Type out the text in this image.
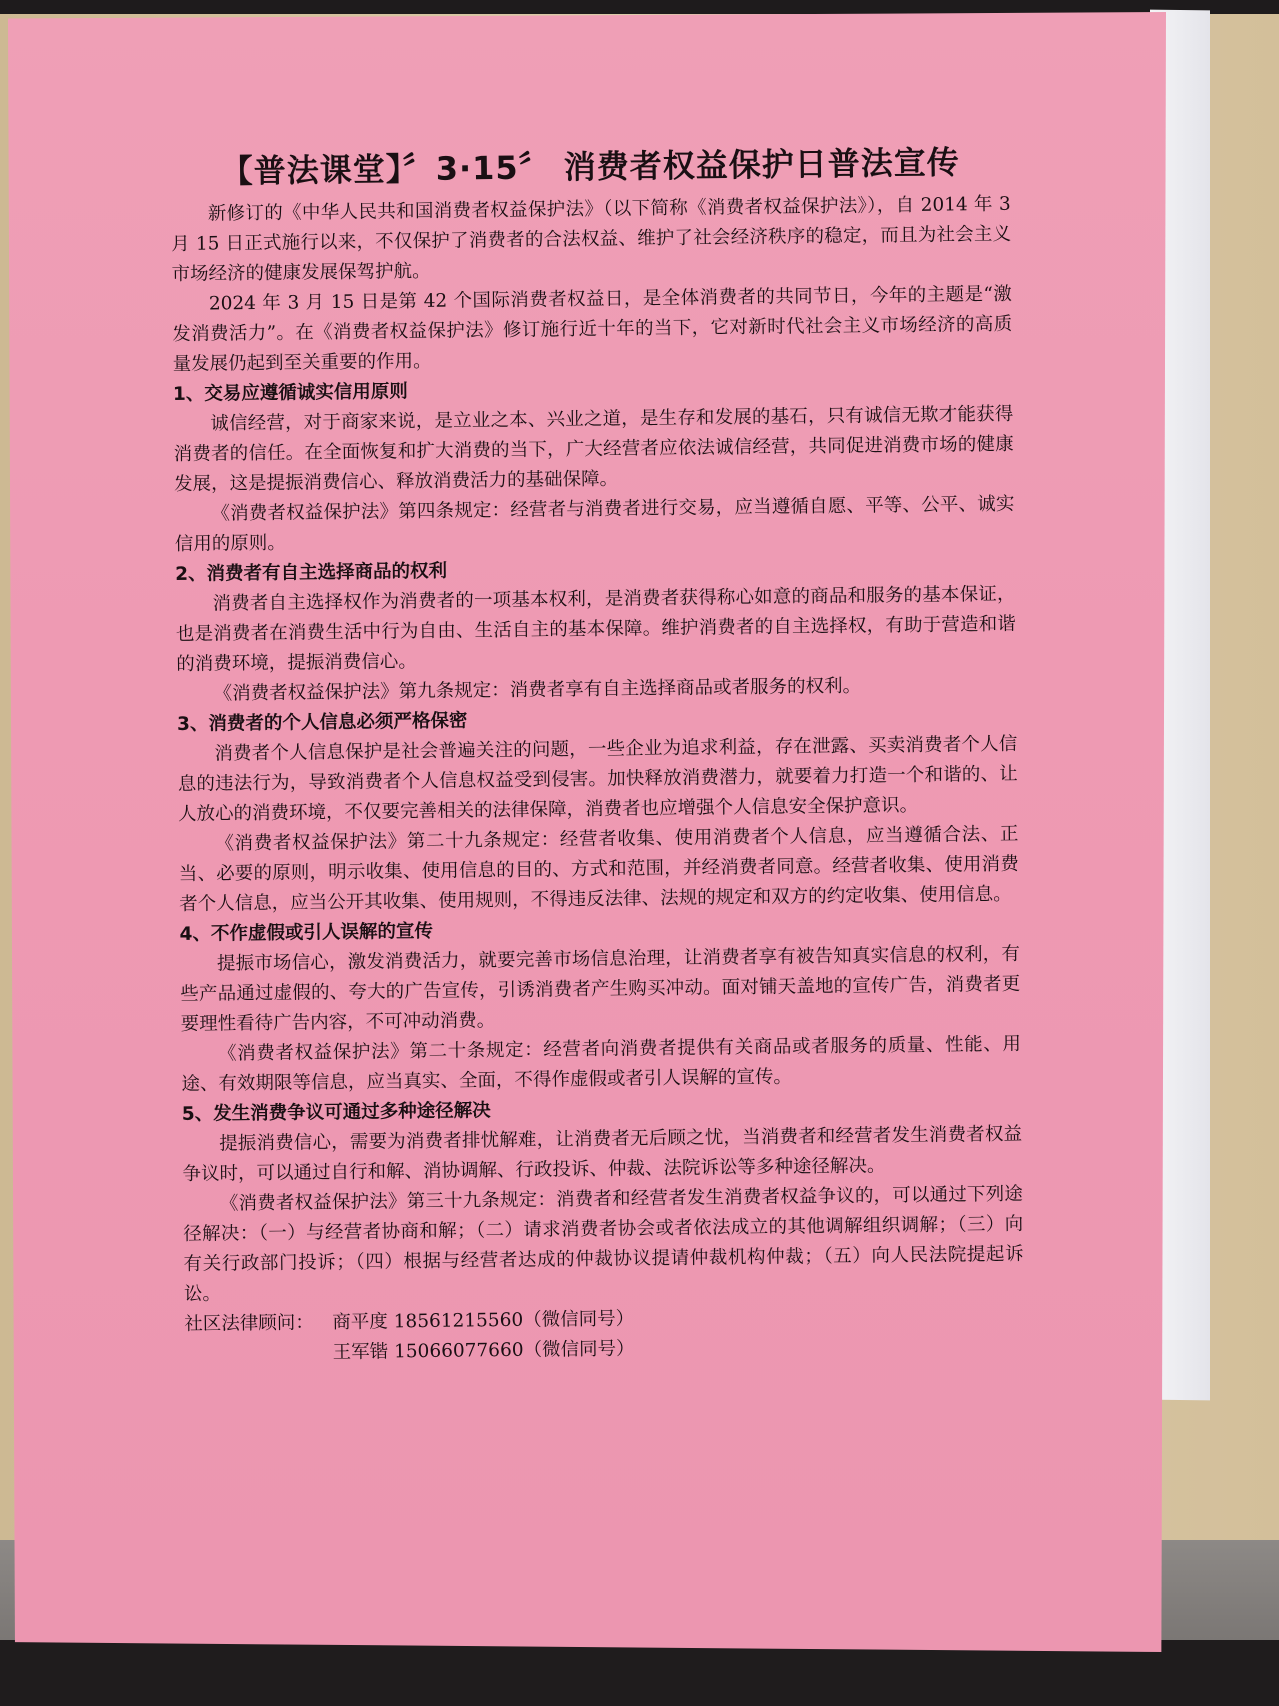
【普法课堂】〞3·15〞 消费者权益保护日普法宣传

新修订的《中华人民共和国消费者权益保护法》（以下简称《消费者权益保护法》），自 2014 年 3 月 15 日正式施行以来，不仅保护了消费者的合法权益、维护了社会经济秩序的稳定，而且为社会主义市场经济的健康发展保驾护航。

2024 年 3 月 15 日是第 42 个国际消费者权益日，是全体消费者的共同节日，今年的主题是“激发消费活力”。在《消费者权益保护法》修订施行近十年的当下，它对新时代社会主义市场经济的高质量发展仍起到至关重要的作用。

1、交易应遵循诚实信用原则

诚信经营，对于商家来说，是立业之本、兴业之道，是生存和发展的基石，只有诚信无欺才能获得消费者的信任。在全面恢复和扩大消费的当下，广大经营者应依法诚信经营，共同促进消费市场的健康发展，这是提振消费信心、释放消费活力的基础保障。

《消费者权益保护法》第四条规定：经营者与消费者进行交易，应当遵循自愿、平等、公平、诚实信用的原则。

2、消费者有自主选择商品的权利

消费者自主选择权作为消费者的一项基本权利，是消费者获得称心如意的商品和服务的基本保证，也是消费者在消费生活中行为自由、生活自主的基本保障。维护消费者的自主选择权，有助于营造和谐的消费环境，提振消费信心。

《消费者权益保护法》第九条规定：消费者享有自主选择商品或者服务的权利。

3、消费者的个人信息必须严格保密

消费者个人信息保护是社会普遍关注的问题，一些企业为追求利益，存在泄露、买卖消费者个人信息的违法行为，导致消费者个人信息权益受到侵害。加快释放消费潜力，就要着力打造一个和谐的、让人放心的消费环境，不仅要完善相关的法律保障，消费者也应增强个人信息安全保护意识。

《消费者权益保护法》第二十九条规定：经营者收集、使用消费者个人信息，应当遵循合法、正当、必要的原则，明示收集、使用信息的目的、方式和范围，并经消费者同意。经营者收集、使用消费者个人信息，应当公开其收集、使用规则，不得违反法律、法规的规定和双方的约定收集、使用信息。

4、不作虚假或引人误解的宣传

提振市场信心，激发消费活力，就要完善市场信息治理，让消费者享有被告知真实信息的权利，有些产品通过虚假的、夸大的广告宣传，引诱消费者产生购买冲动。面对铺天盖地的宣传广告，消费者更要理性看待广告内容，不可冲动消费。

《消费者权益保护法》第二十条规定：经营者向消费者提供有关商品或者服务的质量、性能、用途、有效期限等信息，应当真实、全面，不得作虚假或者引人误解的宣传。

5、发生消费争议可通过多种途径解决

提振消费信心，需要为消费者排忧解难，让消费者无后顾之忧，当消费者和经营者发生消费者权益争议时，可以通过自行和解、消协调解、行政投诉、仲裁、法院诉讼等多种途径解决。

《消费者权益保护法》第三十九条规定：消费者和经营者发生消费者权益争议的，可以通过下列途径解决：（一）与经营者协商和解；（二）请求消费者协会或者依法成立的其他调解组织调解；（三）向有关行政部门投诉；（四）根据与经营者达成的仲裁协议提请仲裁机构仲裁；（五）向人民法院提起诉讼。

社区法律顾问： 商平度 18561215560（微信同号）

王军锴 15066077660（微信同号）
